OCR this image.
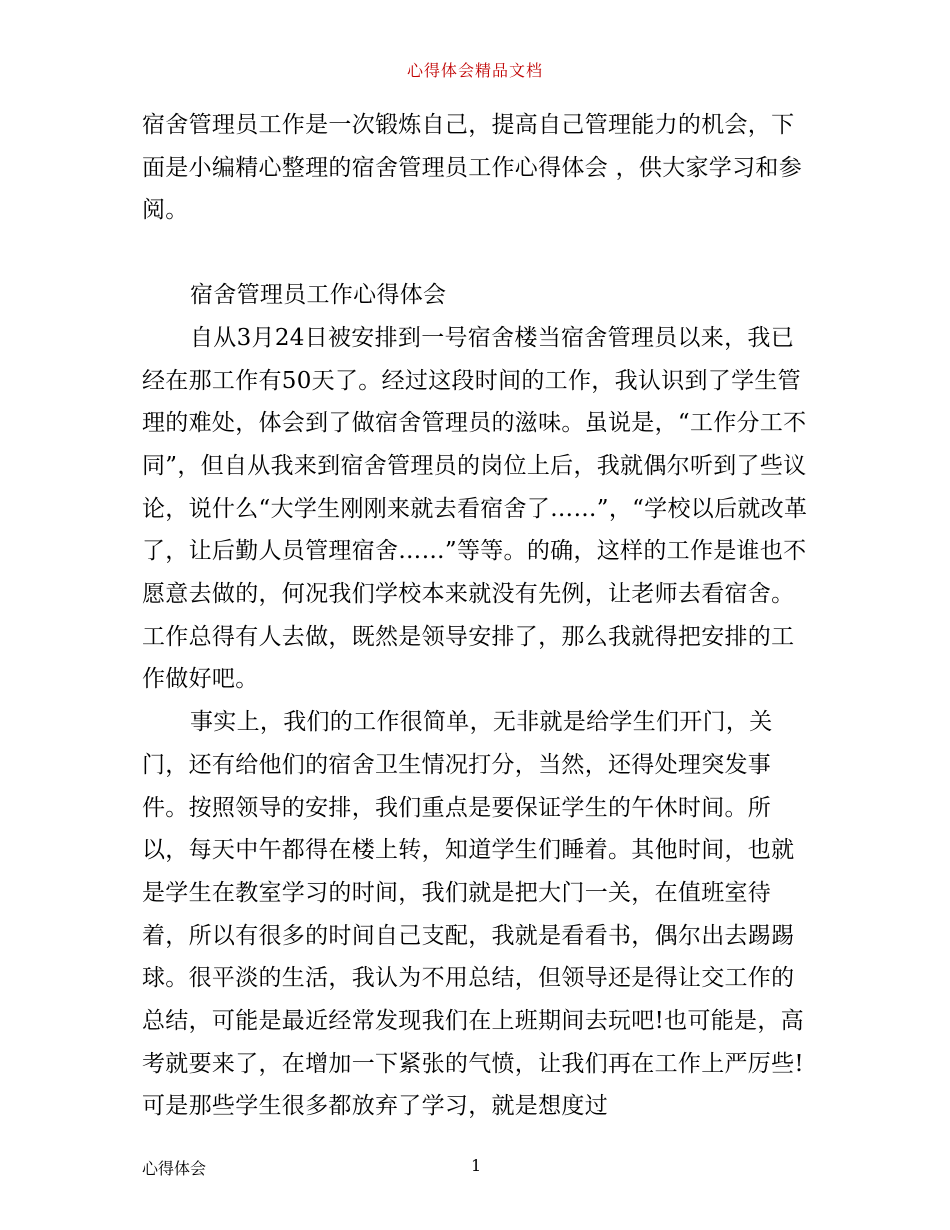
心得体会精品文档

宿舍管理员工作是一次锻炼自己，提高自己管理能力的机会，下面是小编精心整理的宿舍管理员工作心得体会 ，供大家学习和参阅。

宿舍管理员工作心得体会

自从3月24日被安排到一号宿舍楼当宿舍管理员以来，我已经在那工作有50天了。经过这段时间的工作，我认识到了学生管理的难处，体会到了做宿舍管理员的滋味。虽说是，“工作分工不同”，但自从我来到宿舍管理员的岗位上后，我就偶尔听到了些议论，说什么“大学生刚刚来就去看宿舍了……”，“学校以后就改革了，让后勤人员管理宿舍……”等等。的确，这样的工作是谁也不愿意去做的，何况我们学校本来就没有先例，让老师去看宿舍。工作总得有人去做，既然是领导安排了，那么我就得把安排的工作做好吧。

事实上，我们的工作很简单，无非就是给学生们开门，关门，还有给他们的宿舍卫生情况打分，当然，还得处理突发事件。按照领导的安排，我们重点是要保证学生的午休时间。所以，每天中午都得在楼上转，知道学生们睡着。其他时间，也就是学生在教室学习的时间，我们就是把大门一关，在值班室待着，所以有很多的时间自己支配，我就是看看书，偶尔出去踢踢球。很平淡的生活，我认为不用总结，但领导还是得让交工作的总结，可能是最近经常发现我们在上班期间去玩吧!也可能是，高考就要来了，在增加一下紧张的气愤，让我们再在工作上严厉些!可是那些学生很多都放弃了学习，就是想度过

心得体会	1
